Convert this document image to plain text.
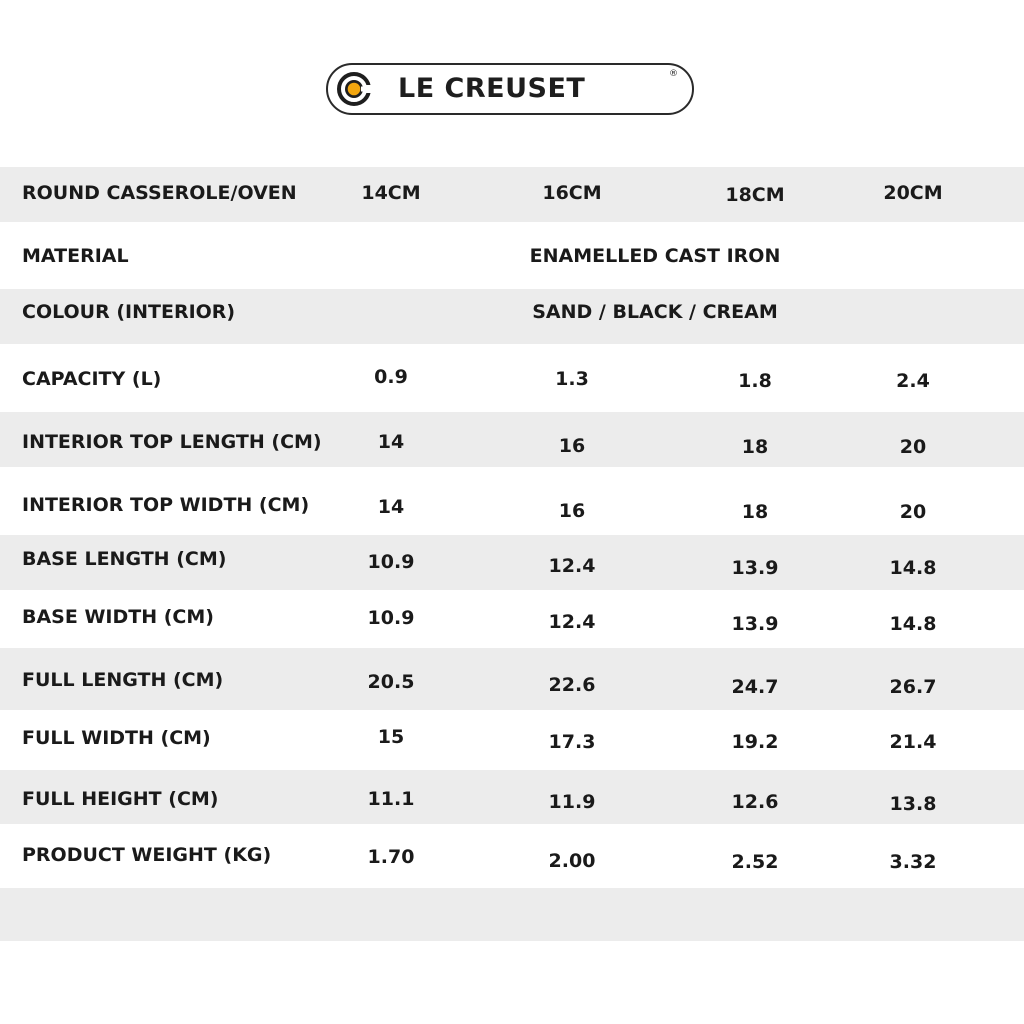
LE CREUSET	®
ROUND CASSEROLE/OVEN	14CM	16CM	18CM	20CM
MATERIAL	ENAMELLED CAST IRON
COLOUR (INTERIOR)	SAND / BLACK / CREAM
CAPACITY (L)	0.9	1.3	1.8	2.4
INTERIOR TOP LENGTH (CM)	14	16	18	20
INTERIOR TOP WIDTH (CM)	14	16	18	20
BASE LENGTH (CM)	10.9	12.4	13.9	14.8
BASE WIDTH (CM)	10.9	12.4	13.9	14.8
FULL LENGTH (CM)	20.5	22.6	24.7	26.7
FULL WIDTH (CM)	15	17.3	19.2	21.4
FULL HEIGHT (CM)	11.1	11.9	12.6	13.8
PRODUCT WEIGHT (KG)	1.70	2.00	2.52	3.32
